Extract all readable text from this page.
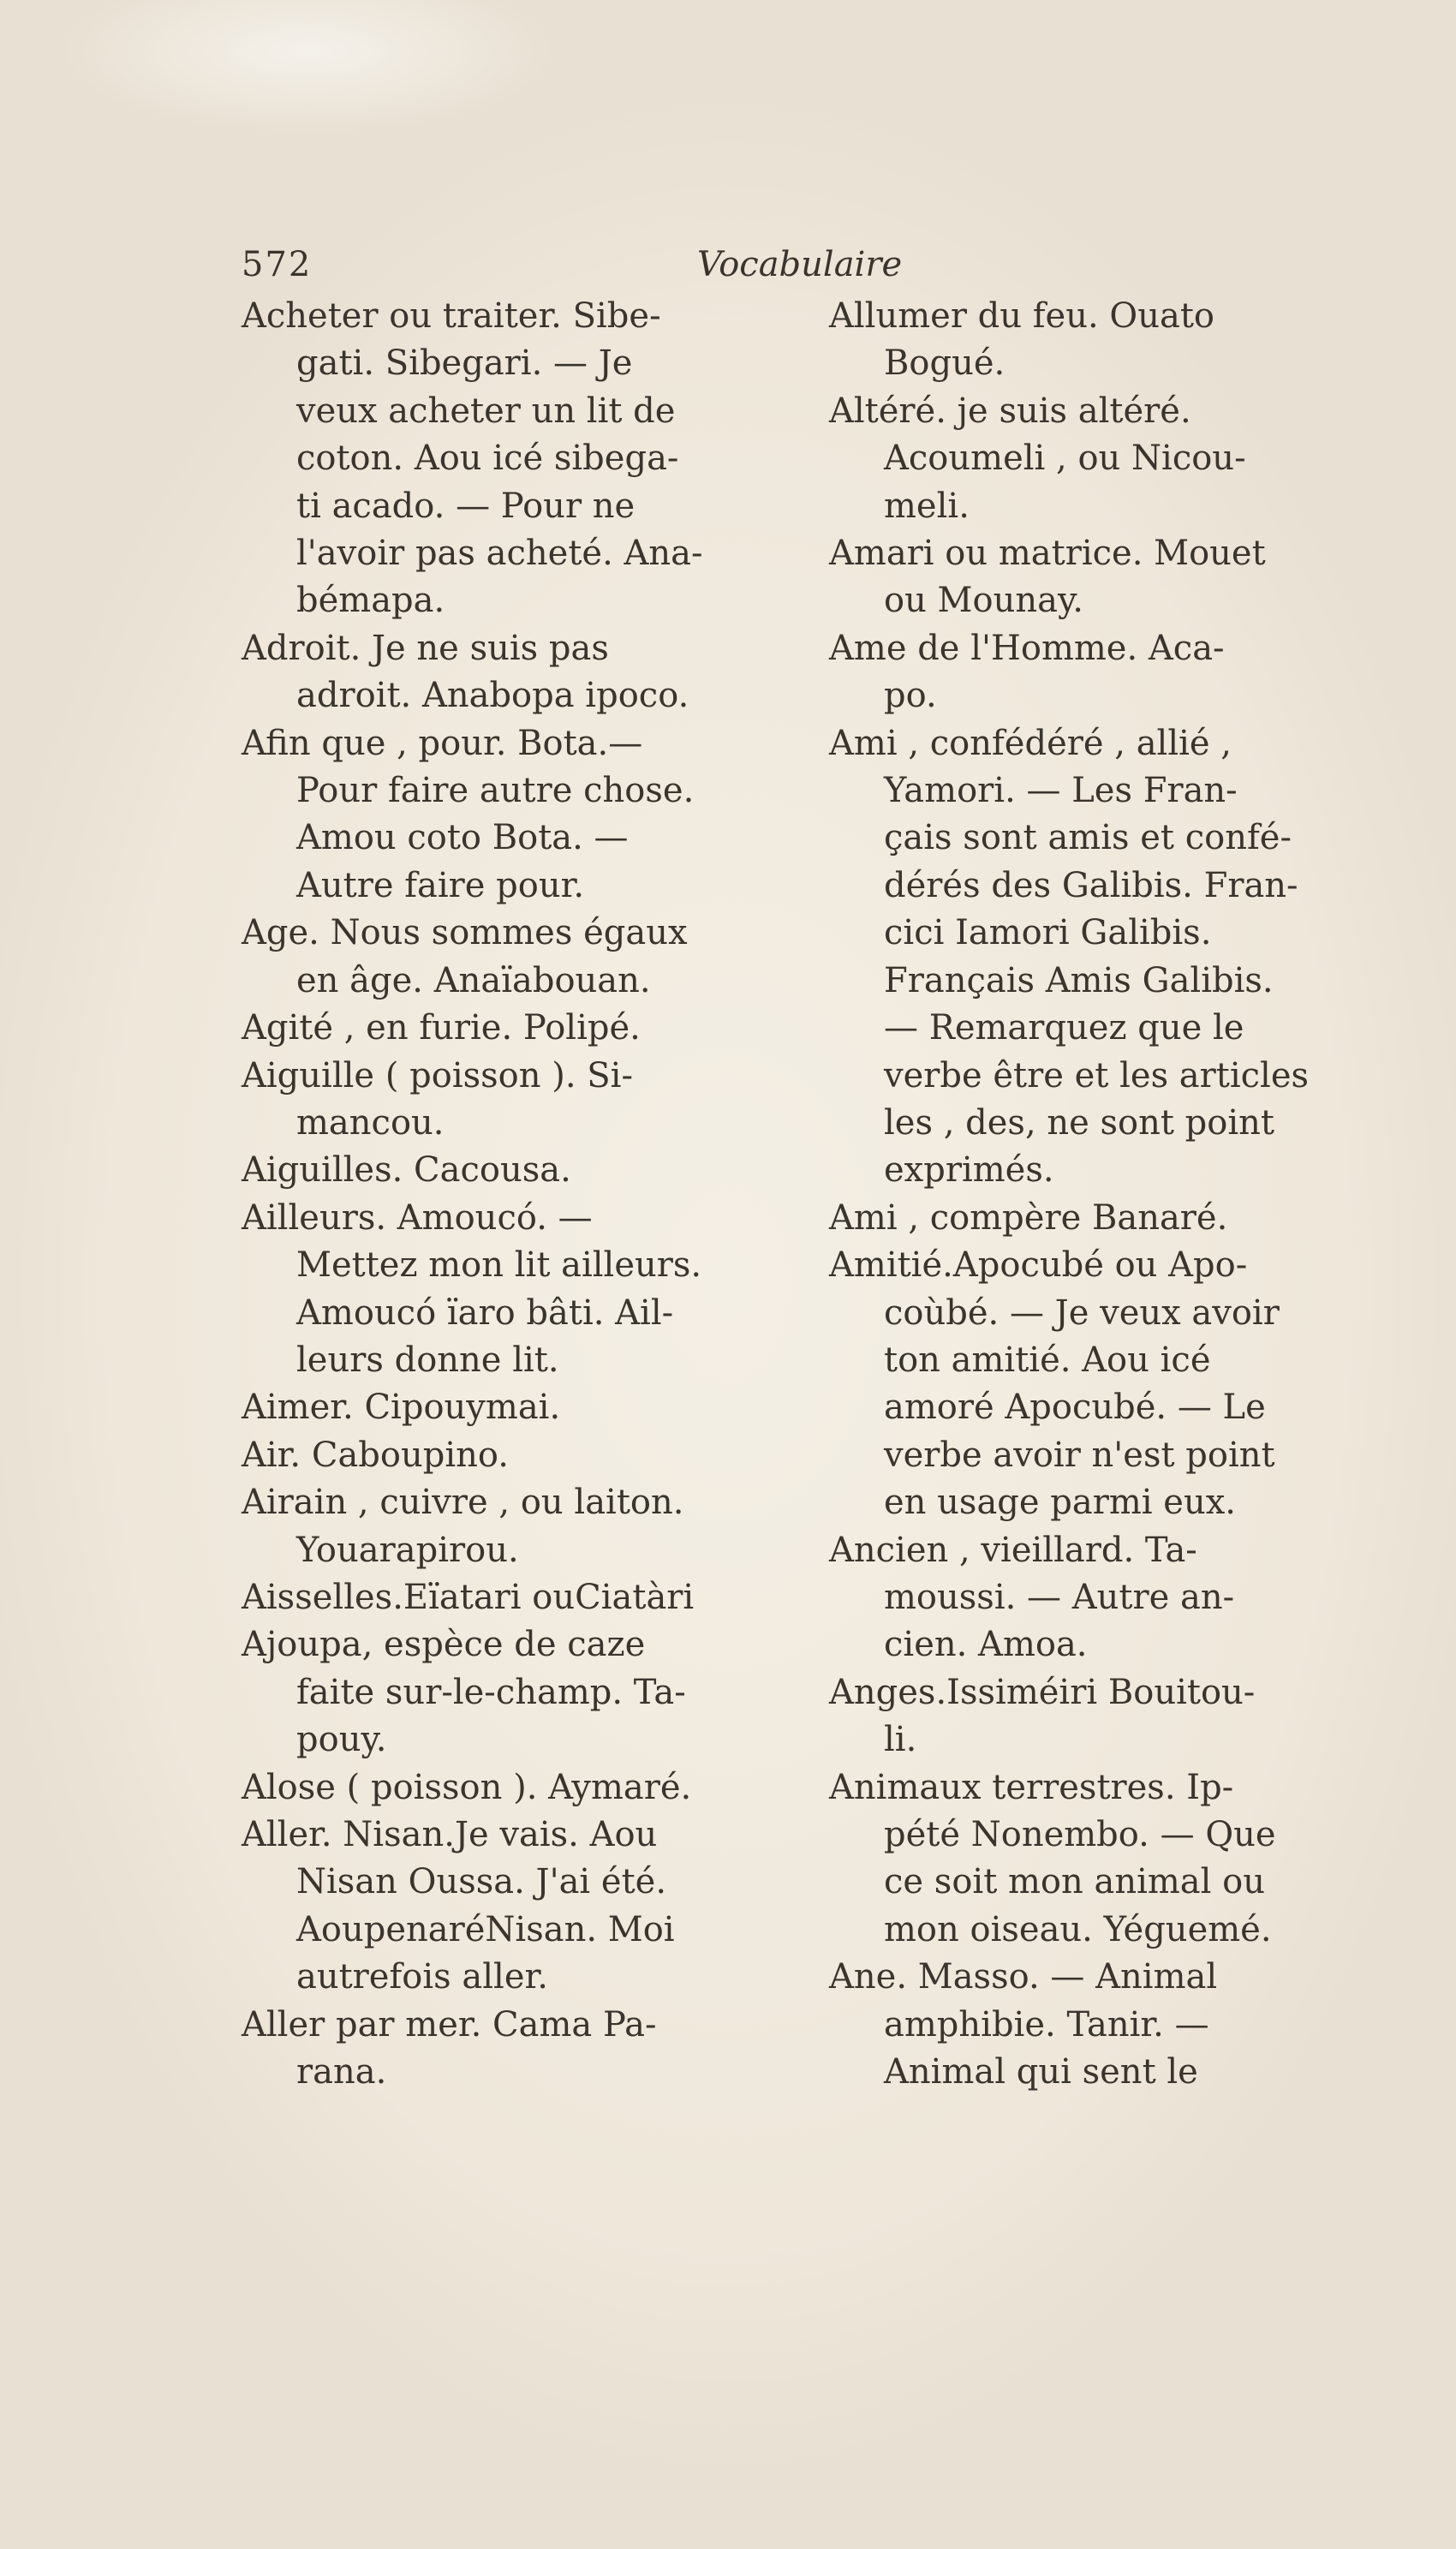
572	Vocabulaire

Acheter ou traiter. Sibe-
gati. Sibegari. — Je
veux acheter un lit de
coton. Aou icé sibega-
ti acado. — Pour ne
l'avoir pas acheté. Ana-
bémapa.

Adroit. Je ne suis pas
adroit. Anabopa ipoco.

Afin que , pour. Bota.—
Pour faire autre chose.
Amou coto Bota. —
Autre faire pour.

Age. Nous sommes égaux
en âge. Anaïabouan.

Agité , en furie. Polipé.

Aiguille ( poisson ). Si-
mancou.

Aiguilles. Cacousa.

Ailleurs. Amoucó. —
Mettez mon lit ailleurs.
Amoucó ïaro bâti. Ail-
leurs donne lit.

Aimer. Cipouymai.

Air. Caboupino.

Airain , cuivre , ou laiton.
Youarapirou.

Aisselles.Eïatari ouCiatàri

Ajoupa, espèce de caze
faite sur-le-champ. Ta-
pouy.

Alose ( poisson ). Aymaré.

Aller. Nisan.Je vais. Aou
Nisan Oussa. J'ai été.
AoupenaréNisan. Moi
autrefois aller.

Aller par mer. Cama Pa-
rana.

Allumer du feu. Ouato
Bogué.

Altéré. je suis altéré.
Acoumeli , ou Nicou-
meli.

Amari ou matrice. Mouet
ou Mounay.

Ame de l'Homme. Aca-
po.

Ami , confédéré , allié ,
Yamori. — Les Fran-
çais sont amis et confé-
dérés des Galibis. Fran-
cici Iamori Galibis.
Français Amis Galibis.
— Remarquez que le
verbe être et les articles
les , des, ne sont point
exprimés.

Ami , compère Banaré.

Amitié.Apocubé ou Apo-
coùbé. — Je veux avoir
ton amitié. Aou icé
amoré Apocubé. — Le
verbe avoir n'est point
en usage parmi eux.

Ancien , vieillard. Ta-
moussi. — Autre an-
cien. Amoa.

Anges.Issiméiri Bouitou-
li.

Animaux terrestres. Ip-
pété Nonembo. — Que
ce soit mon animal ou
mon oiseau. Yéguemé.

Ane. Masso. — Animal
amphibie. Tanir. —
Animal qui sent le
